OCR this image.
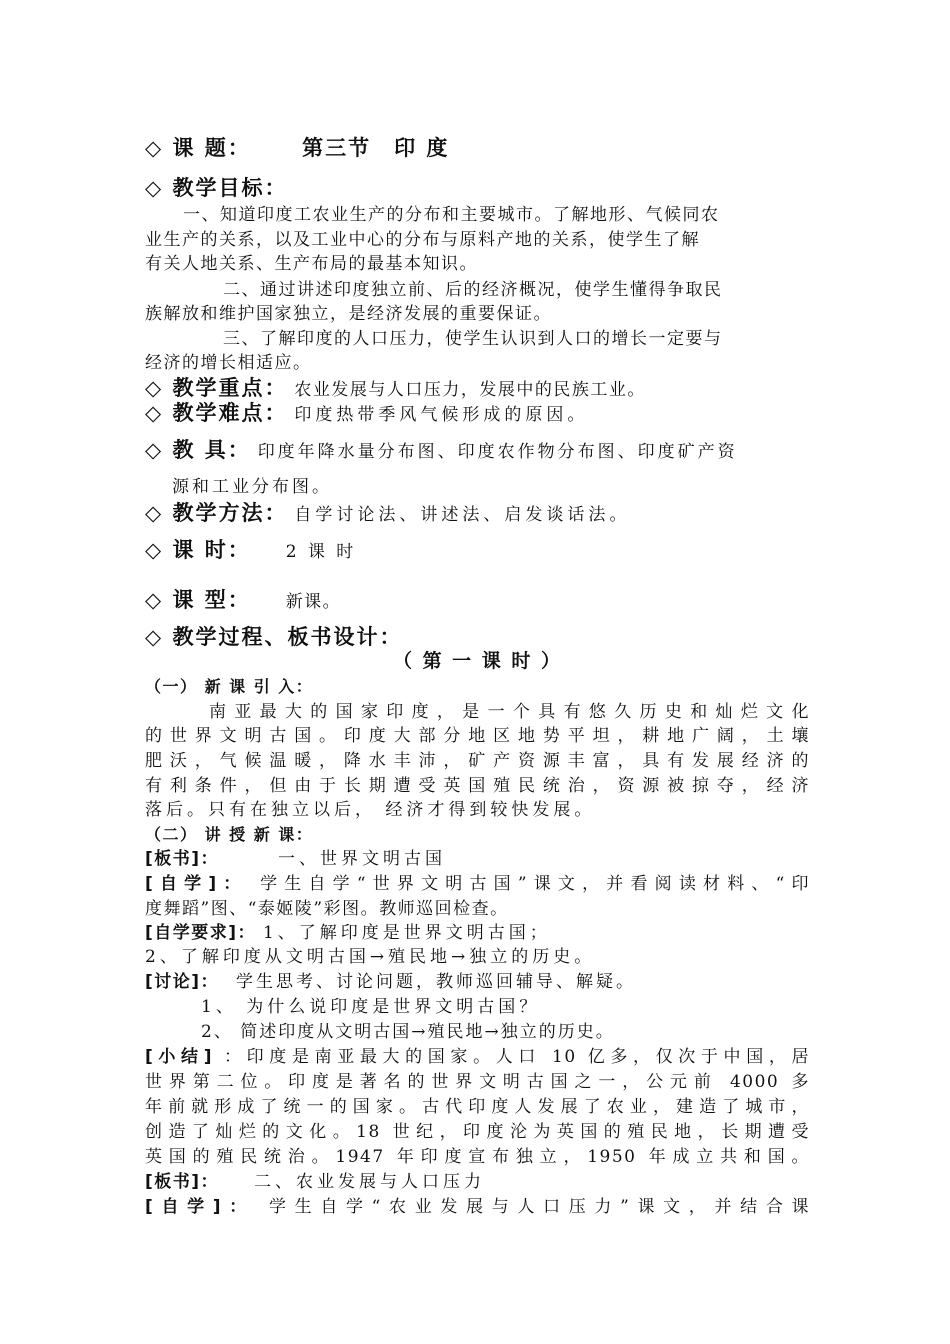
◇ 课 题： 第三节　印 度
◇ 教学目标：
一、知道印度工农业生产的分布和主要城市。了解地形、气候同农
业生产的关系，以及工业中心的分布与原料产地的关系，使学生了解
有关人地关系、生产布局的最基本知识。
二、通过讲述印度独立前、后的经济概况，使学生懂得争取民
族解放和维护国家独立，是经济发展的重要保证。
三、了解印度的人口压力，使学生认识到人口的增长一定要与
经济的增长相适应。
◇ 教学重点： 农业发展与人口压力，发展中的民族工业。
◇ 教学难点： 印度热带季风气候形成的原因。
◇ 教 具： 印度年降水量分布图、印度农作物分布图、印度矿产资
源和工业分布图。
◇ 教学方法： 自学讨论法、讲述法、启发谈话法。
◇ 课 时： 2 课 时
◇ 课 型： 新课。
◇ 教学过程、板书设计：
（ 第 一 课 时 ）
（一） 新 课 引 入：
南亚最大的国家印度，是一个具有悠久历史和灿烂文化
的世界文明古国。印度大部分地区地势平坦，耕地广阔，土壤
肥沃，气候温暖，降水丰沛，矿产资源丰富，具有发展经济的
有利条件，但由于长期遭受英国殖民统治，资源被掠夺，经济
落后。只有在独立以后， 经济才得到较快发展。
（二） 讲 授 新 课：
[板书]：	一、世界文明古国
[自学]： 学生自学“世界文明古国”课文，并看阅读材料、“印
度舞蹈”图、“泰姬陵”彩图。教师巡回检查。
[自学要求]： 1、了解印度是世界文明古国；
2、了解印度从文明古国→殖民地→独立的历史。
[讨论]： 学生思考、讨论问题，教师巡回辅导、解疑。
1、 为什么说印度是世界文明古国？
2、 简述印度从文明古国→殖民地→独立的历史。
[小结] ：印度是南亚最大的国家。人口 10 亿多，仅次于中国，居
世界第二位。印度是著名的世界文明古国之一，公元前 4000 多
年前就形成了统一的国家。古代印度人发展了农业，建造了城市，
创造了灿烂的文化。18 世纪，印度沦为英国的殖民地，长期遭受
英国的殖民统治。1947 年印度宣布独立，1950 年成立共和国。
[板书]： 二、农业发展与人口压力
[自学]： 学生自学“农业发展与人口压力”课文，并结合课
